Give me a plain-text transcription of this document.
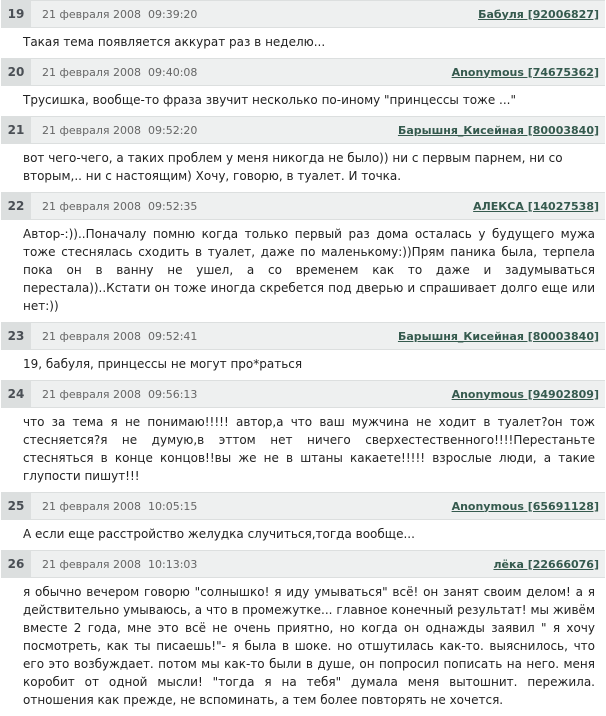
19	21 февраля 2008  09:39:20	Бабуля [92006827]
Такая тема появляется аккурат раз в неделю...
20	21 февраля 2008  09:40:08	Anonymous [74675362]
Трусишка, вообще-то фраза звучит несколько по-иному "принцессы тоже ..."
21	21 февраля 2008  09:52:20	Барышня_Кисейная [80003840]
вот чего-чего, а таких проблем у меня никогда не было)) ни с первым парнем, ни со вторым,.. ни с настоящим) Хочу, говорю, в туалет. И точка.
22	21 февраля 2008  09:52:35	АЛЕКСА [14027538]
Автор-:))..Поначалу помню когда только первый раз дома осталась у будущего мужа тоже стеснялась сходить в туалет, даже по маленькому:))Прям паника была, терпела пока он в ванну не ушел, а со временем как то даже и задумываться перестала))..Кстати он тоже иногда скребется под дверью и спрашивает долго еще или нет:))
23	21 февраля 2008  09:52:41	Барышня_Кисейная [80003840]
19, бабуля, принцессы не могут про*раться
24	21 февраля 2008  09:56:13	Anonymous [94902809]
что за тема я не понимаю!!!!! автор,а что ваш мужчина не ходит в туалет?он тож стесняется?я не думую,в эттом нет ничего сверхестественного!!!!Перестаньте стесняться в конце концов!!вы же не в штаны какаете!!!!! взрослые люди, а такие глупости пишут!!!
25	21 февраля 2008  10:05:15	Anonymous [65691128]
А если еще расстройство желудка случиться,тогда вообще...
26	21 февраля 2008  10:13:03	лёка [22666076]
я обычно вечером говорю "солнышко! я иду умываться" всё! он занят своим делом! а я действительно умываюсь, а что в промежутке... главное конечный результат! мы живём вместе 2 года, мне это всё не очень приятно, но когда он однажды заявил " я хочу посмотреть, как ты писаешь!"- я была в шоке. но отшутилась как-то. выяснилось, что его это возбуждает. потом мы как-то были в душе, он попросил пописать на него. меня коробит от одной мысли! "тогда я на тебя" думала меня вытошнит. пережила. отношения как прежде, не вспоминать, а тем более повторять не хочется.
